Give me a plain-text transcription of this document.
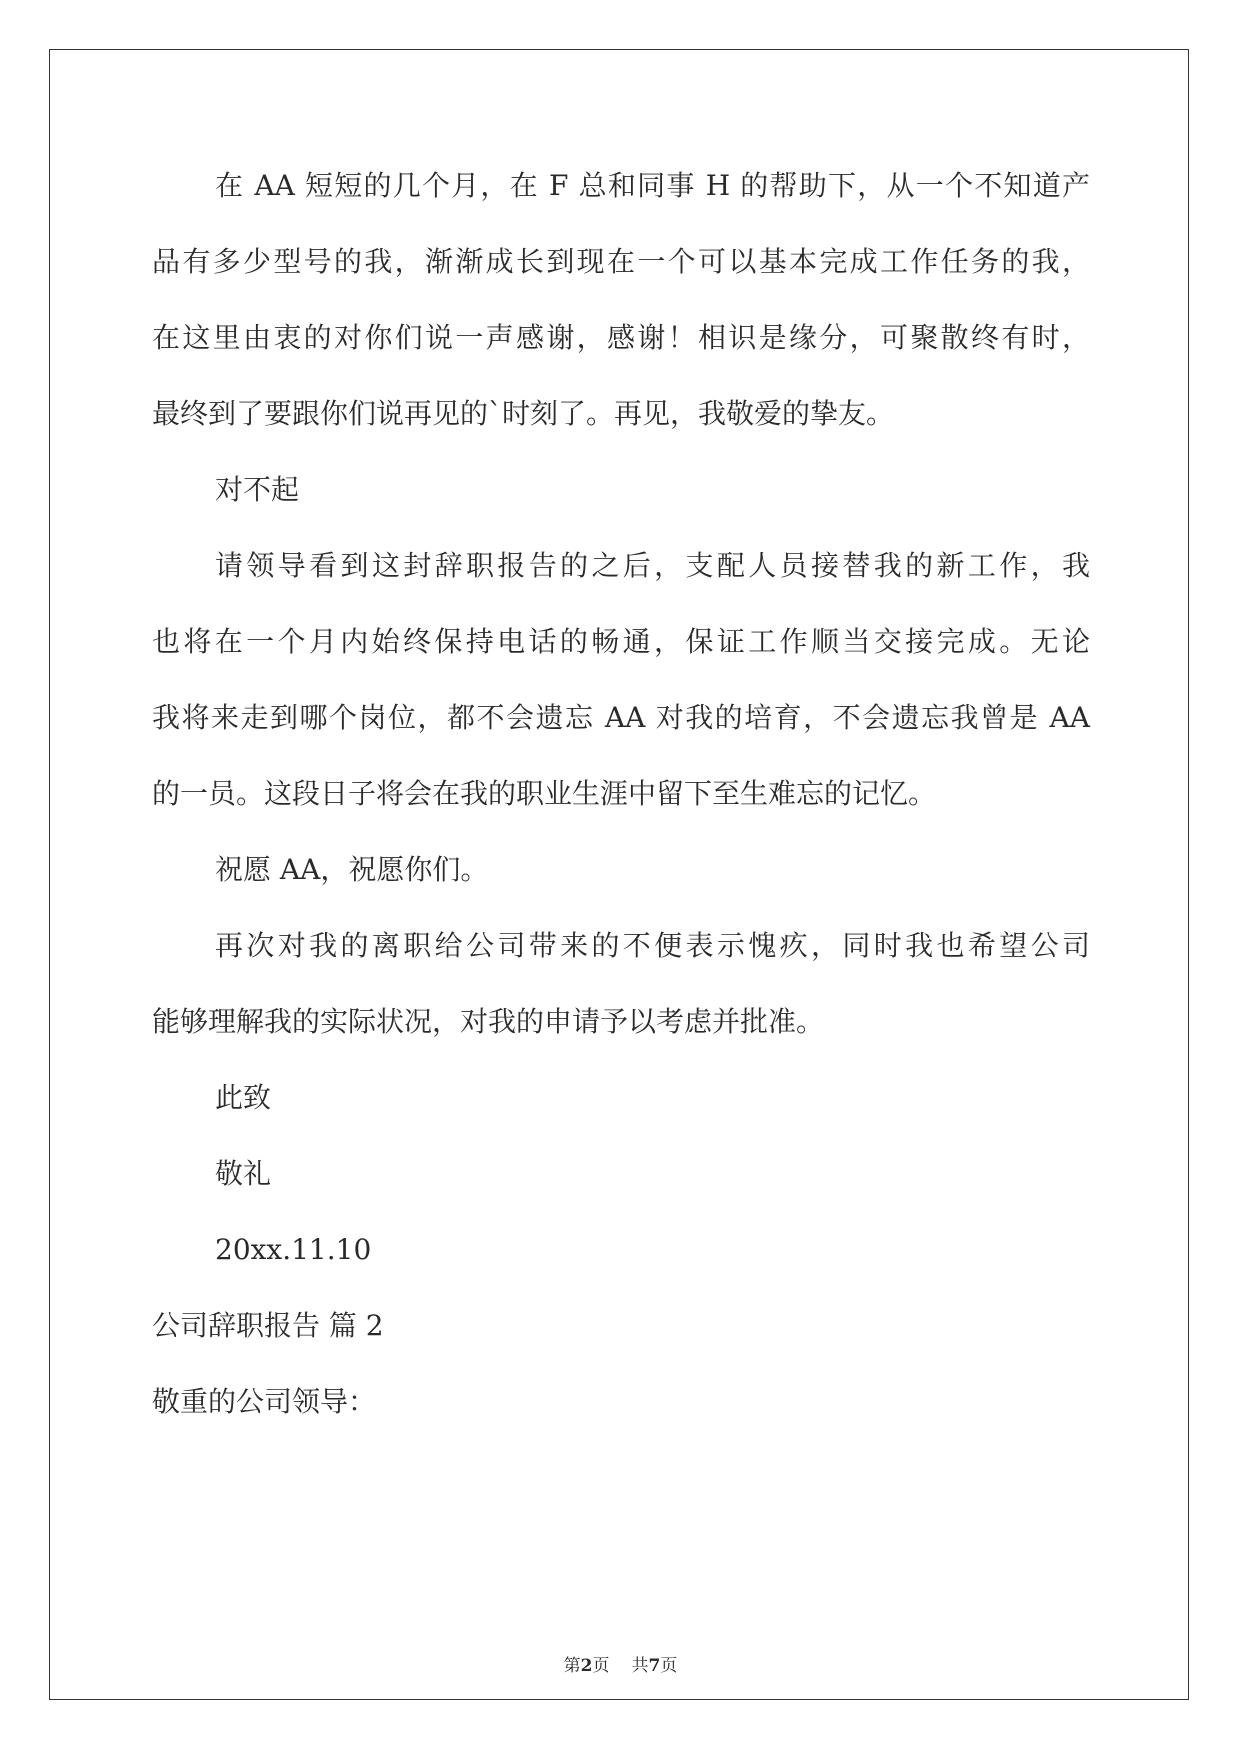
在 AA 短短的几个月，在 F 总和同事 H 的帮助下，从一个不知道产
品有多少型号的我，渐渐成长到现在一个可以基本完成工作任务的我，
在这里由衷的对你们说一声感谢，感谢！相识是缘分，可聚散终有时，
最终到了要跟你们说再见的`时刻了。再见，我敬爱的挚友。
对不起
请领导看到这封辞职报告的之后，支配人员接替我的新工作，我
也将在一个月内始终保持电话的畅通，保证工作顺当交接完成。无论
我将来走到哪个岗位，都不会遗忘 AA 对我的培育，不会遗忘我曾是 AA
的一员。这段日子将会在我的职业生涯中留下至生难忘的记忆。
祝愿 AA，祝愿你们。
再次对我的离职给公司带来的不便表示愧疚，同时我也希望公司
能够理解我的实际状况，对我的申请予以考虑并批准。
此致
敬礼
20xx.11.10
公司辞职报告 篇 2
敬重的公司领导：
第2页 共7页
